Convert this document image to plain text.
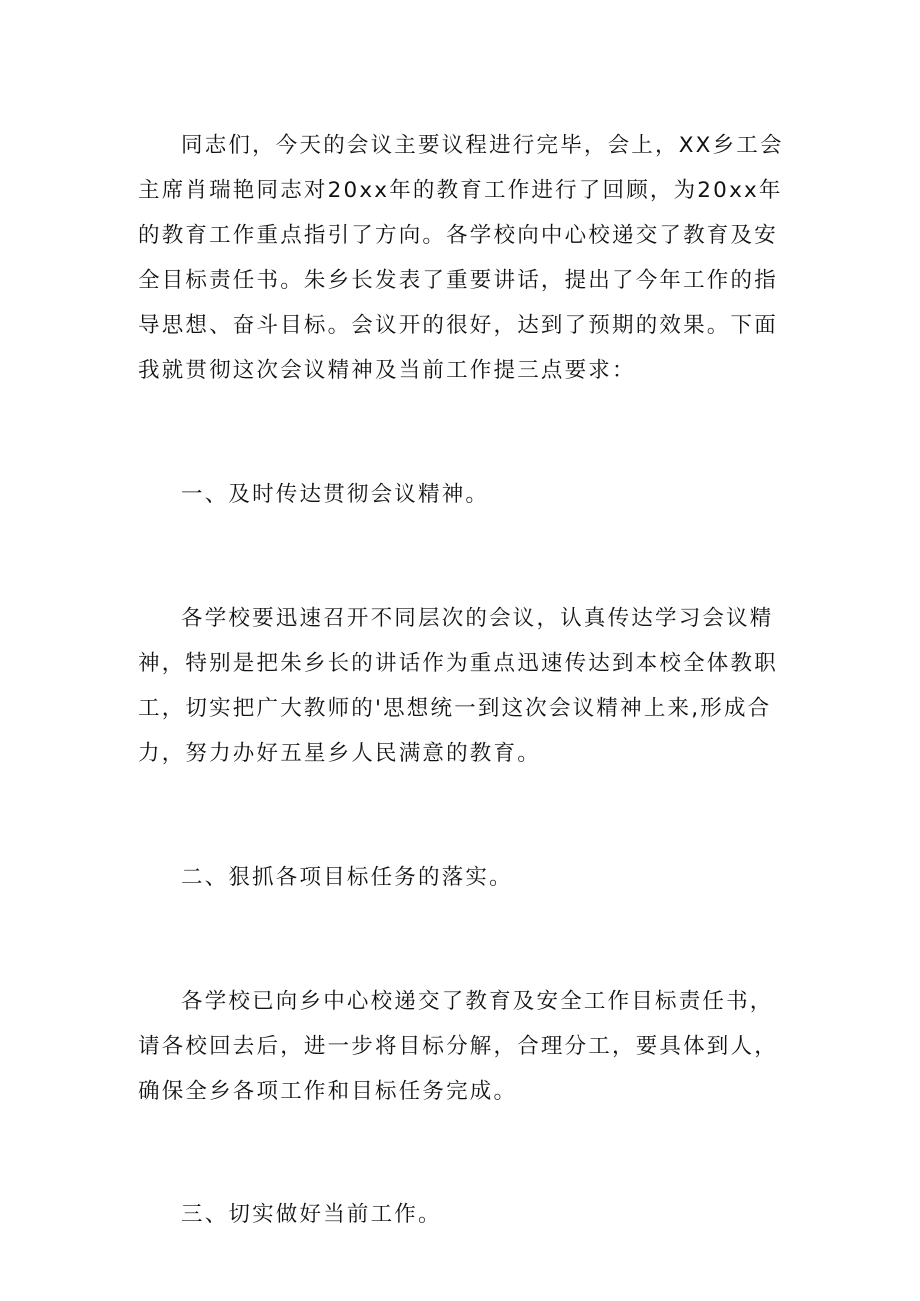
同志们，今天的会议主要议程进行完毕，会上，XX乡工会主席肖瑞艳同志对20xx年的教育工作进行了回顾，为20xx年的教育工作重点指引了方向。各学校向中心校递交了教育及安全目标责任书。朱乡长发表了重要讲话，提出了今年工作的指导思想、奋斗目标。会议开的很好，达到了预期的效果。下面我就贯彻这次会议精神及当前工作提三点要求：

一、及时传达贯彻会议精神。

各学校要迅速召开不同层次的会议，认真传达学习会议精神，特别是把朱乡长的讲话作为重点迅速传达到本校全体教职工，切实把广大教师的'思想统一到这次会议精神上来,形成合力，努力办好五星乡人民满意的教育。

二、狠抓各项目标任务的落实。

各学校已向乡中心校递交了教育及安全工作目标责任书，请各校回去后，进一步将目标分解，合理分工，要具体到人，确保全乡各项工作和目标任务完成。

三、切实做好当前工作。
